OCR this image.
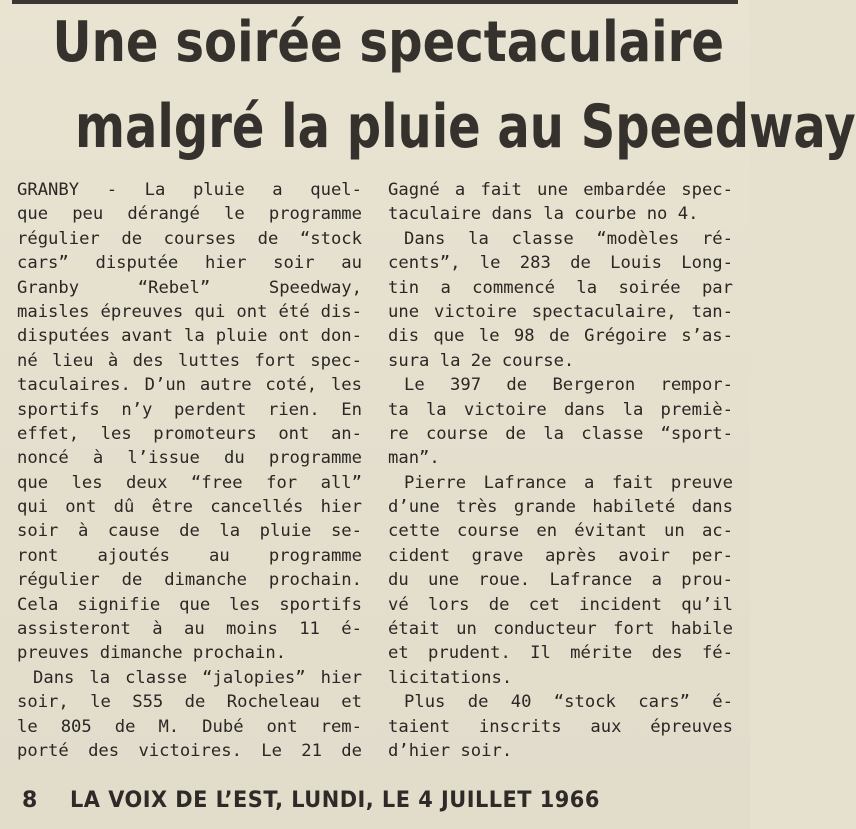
Une soirée spectaculaire
malgré la pluie au Speedway
GRANBY - La pluie a quel-
que peu dérangé le programme
régulier de courses de “stock
cars” disputée hier soir au
Granby “Rebel” Speedway,
maisles épreuves qui ont été dis-
disputées avant la pluie ont don-
né lieu à des luttes fort spec-
taculaires. D’un autre coté, les
sportifs n’y perdent rien. En
effet, les promoteurs ont an-
noncé à l’issue du programme
que les deux “free for all”
qui ont dû être cancellés hier
soir à cause de la pluie se-
ront ajoutés au programme
régulier de dimanche prochain.
Cela signifie que les sportifs
assisteront à au moins 11 é-
preuves dimanche prochain.
Dans la classe “jalopies” hier
soir, le S55 de Rocheleau et
le 805 de M. Dubé ont rem-
porté des victoires. Le 21 de
Gagné a fait une embardée spec-
taculaire dans la courbe no 4.
Dans la classe “modèles ré-
cents”, le 283 de Louis Long-
tin a commencé la soirée par
une victoire spectaculaire, tan-
dis que le 98 de Grégoire s’as-
sura la 2e course.
Le 397 de Bergeron rempor-
ta la victoire dans la premiè-
re course de la classe “sport-
man”.
Pierre Lafrance a fait preuve
d’une très grande habileté dans
cette course en évitant un ac-
cident grave après avoir per-
du une roue. Lafrance a prou-
vé lors de cet incident qu’il
était un conducteur fort habile
et prudent. Il mérite des fé-
licitations.
Plus de 40 “stock cars” é-
taient inscrits aux épreuves
d’hier soir.
8 LA VOIX DE L’EST, LUNDI, LE 4 JUILLET 1966
